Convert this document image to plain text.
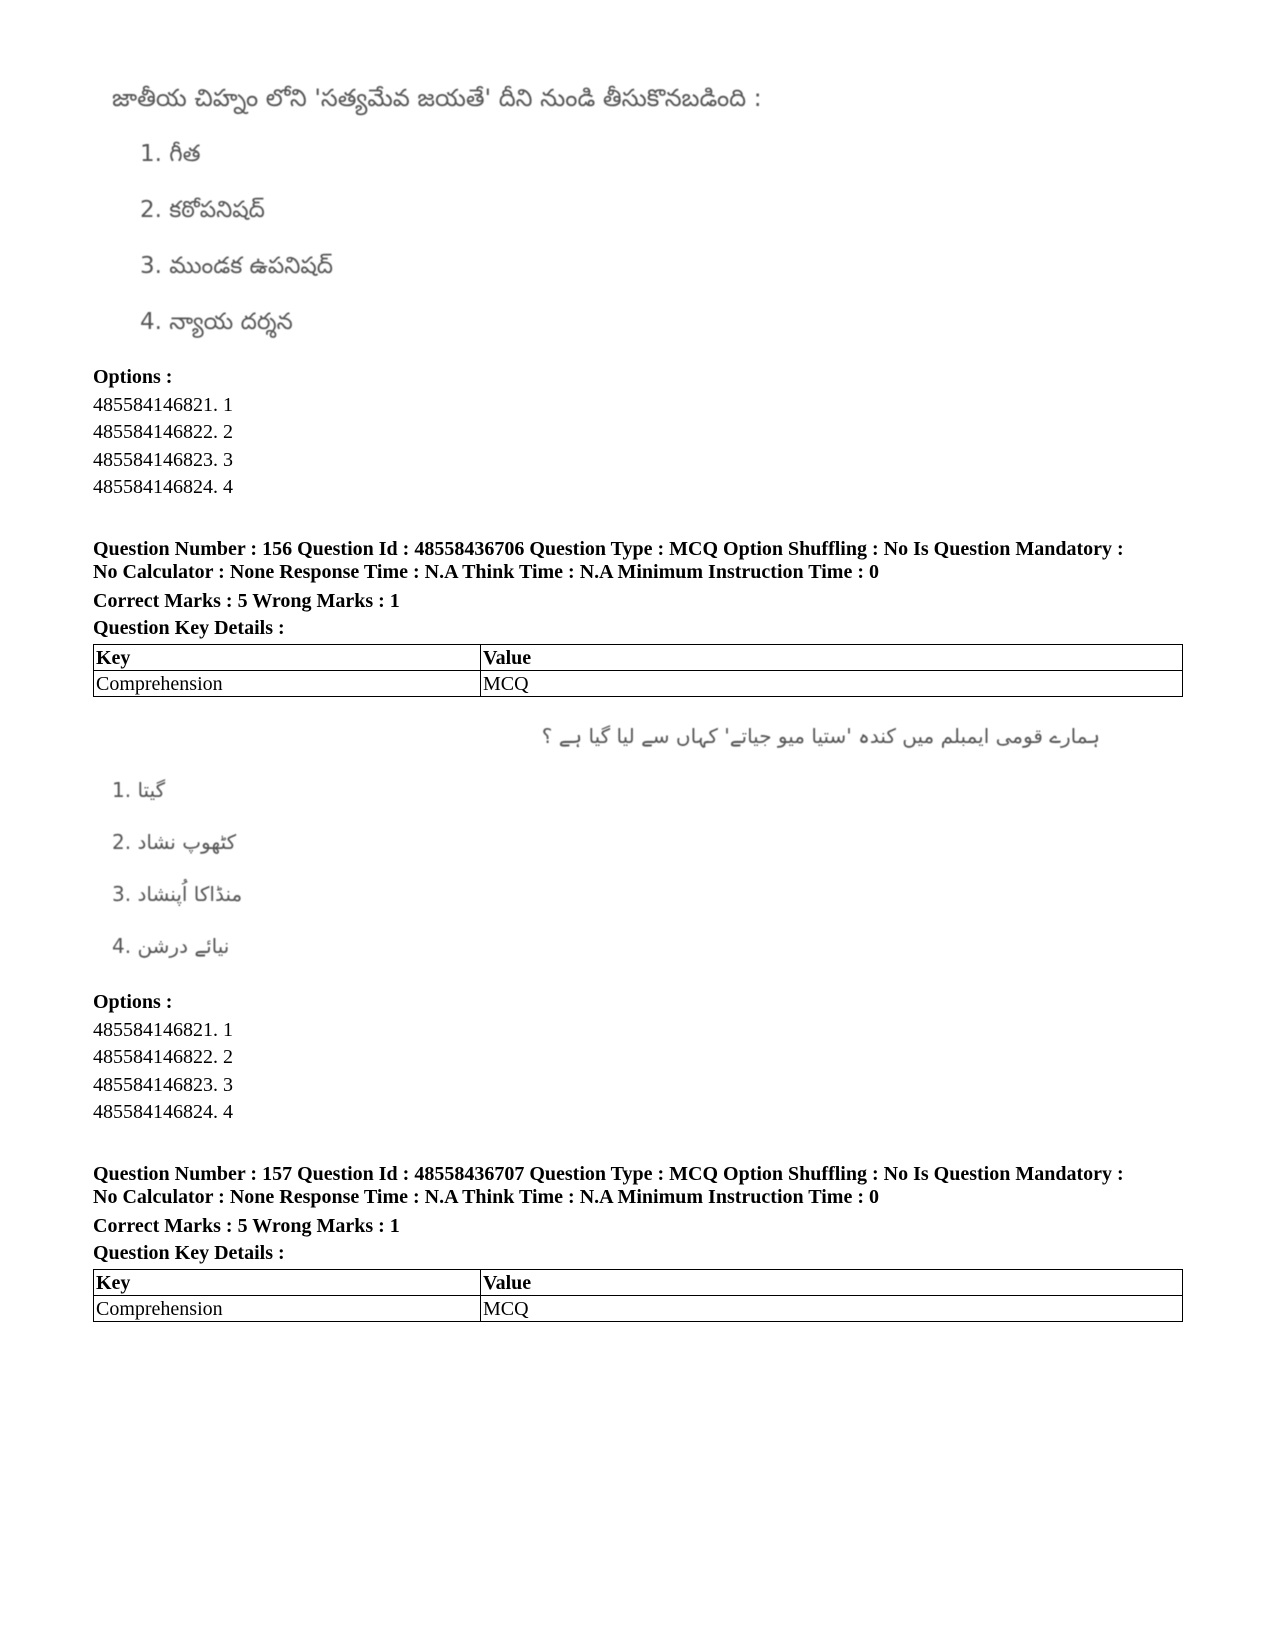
జాతీయ చిహ్నం లోని 'సత్యమేవ జయతే' దీని నుండి తీసుకొనబడింది :
1. గీత
2. కఠోపనిషద్
3. ముండక ఉపనిషద్
4. న్యాయ దర్శన
Options :
485584146821. 1
485584146822. 2
485584146823. 3
485584146824. 4
Question Number : 156 Question Id : 48558436706 Question Type : MCQ Option Shuffling : No Is Question Mandatory :
No Calculator : None Response Time : N.A Think Time : N.A Minimum Instruction Time : 0
Correct Marks : 5 Wrong Marks : 1
Question Key Details :
Key	Value
Comprehension	MCQ
ہمارے قومی ایمبلم میں کندہ 'ستیا میو جیاتے' کہاں سے لیا گیا ہے ؟
1. گیتا
2. کٹھوپ نشاد
3. منڈاکا اُپنشاد
4. نیائے درشن
Options :
485584146821. 1
485584146822. 2
485584146823. 3
485584146824. 4
Question Number : 157 Question Id : 48558436707 Question Type : MCQ Option Shuffling : No Is Question Mandatory :
No Calculator : None Response Time : N.A Think Time : N.A Minimum Instruction Time : 0
Correct Marks : 5 Wrong Marks : 1
Question Key Details :
Key	Value
Comprehension	MCQ
